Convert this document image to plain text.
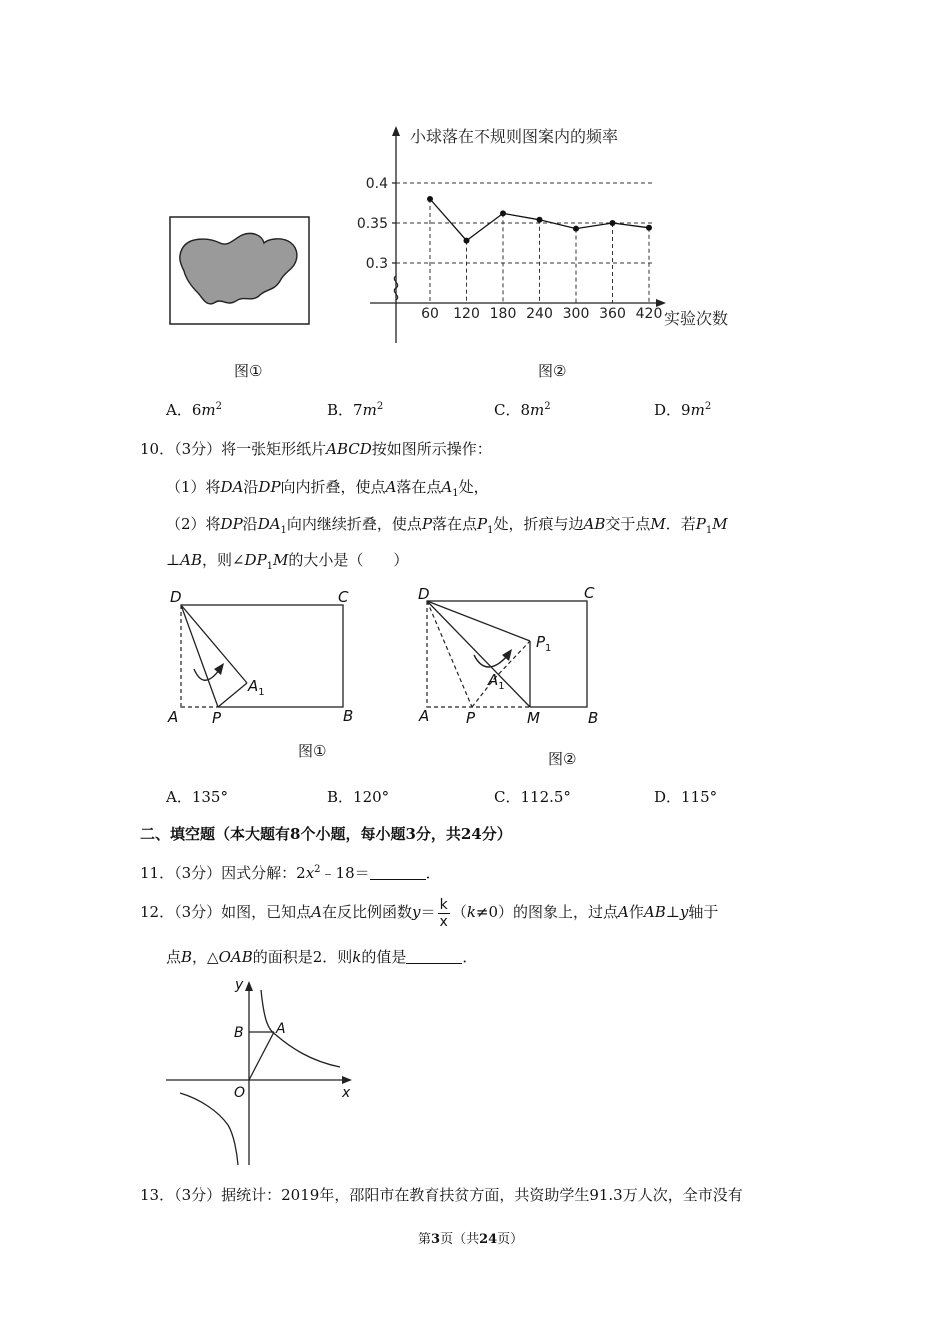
图①
小球落在不规则图案内的频率
实验次数
60 120 180 240 300 360 420
0.3
0.35
0.4
图②
A．$6m^2$	B．$7m^2$	C．$8m^2$	D．$9m^2$
10．（3分）将一张矩形纸片ABCD按如图所示操作：
（1）将DA沿DP向内折叠，使点A落在点$A_1$处，
（2）将DP沿$DA_1$向内继续折叠，使点P落在点$P_1$处，折痕与边AB交于点M．若$P_1M$
⊥AB，则$\angle DP_1M$的大小是（　　）
D	C
A P	B
$A_1$
图①
D	C
$P_1$
$A_1$
A P	M	B
图②
A．135°	B．120°	C．112.5°	D．115°
二、填空题（本大题有8个小题，每小题3分，共24分）
11．（3分）因式分解：$2x^2﹣18=$	．
12．（3分）如图，已知点A在反比例函数$y= \frac{k}{x} (k\ne 0)$的图象上，过点A作AB⊥y轴于
点B，△OAB的面积是2．则k的值是	．
y
x
O
A
B
13．（3分）据统计：2019年，邵阳市在教育扶贫方面，共资助学生91.3万人次，全市没有
第3页（共24页）
